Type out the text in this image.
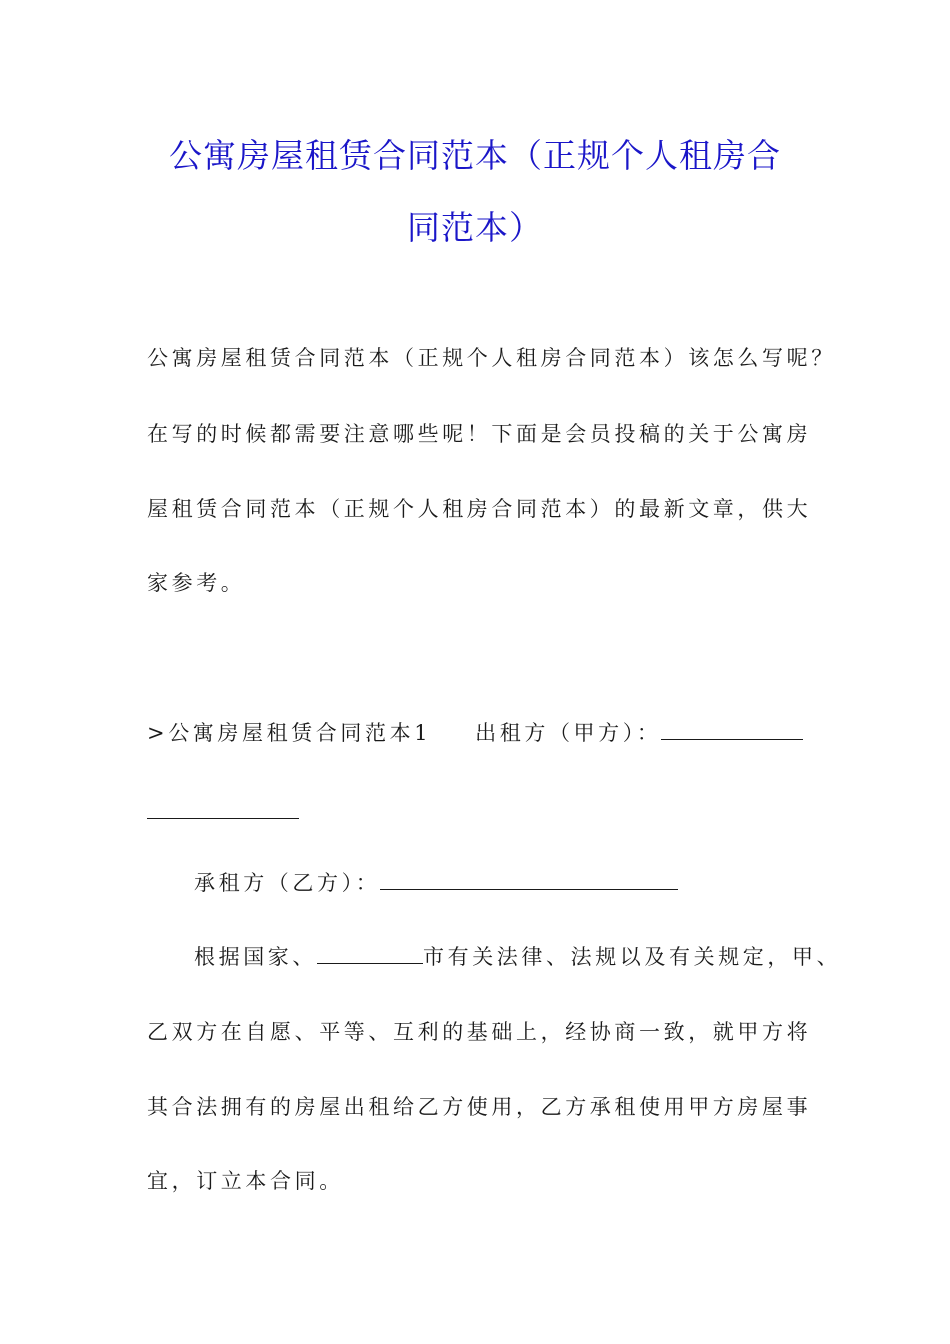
公寓房屋租赁合同范本（正规个人租房合
同范本）

公寓房屋租赁合同范本（正规个人租房合同范本）该怎么写呢？

在写的时候都需要注意哪些呢！下面是会员投稿的关于公寓房

屋租赁合同范本（正规个人租房合同范本）的最新文章，供大

家参考。

>公寓房屋租赁合同范本1 出租方（甲方）：

承租方（乙方）：

根据国家、	市有关法律、法规以及有关规定，甲、

乙双方在自愿、平等、互利的基础上，经协商一致，就甲方将

其合法拥有的房屋出租给乙方使用，乙方承租使用甲方房屋事

宜，订立本合同。
